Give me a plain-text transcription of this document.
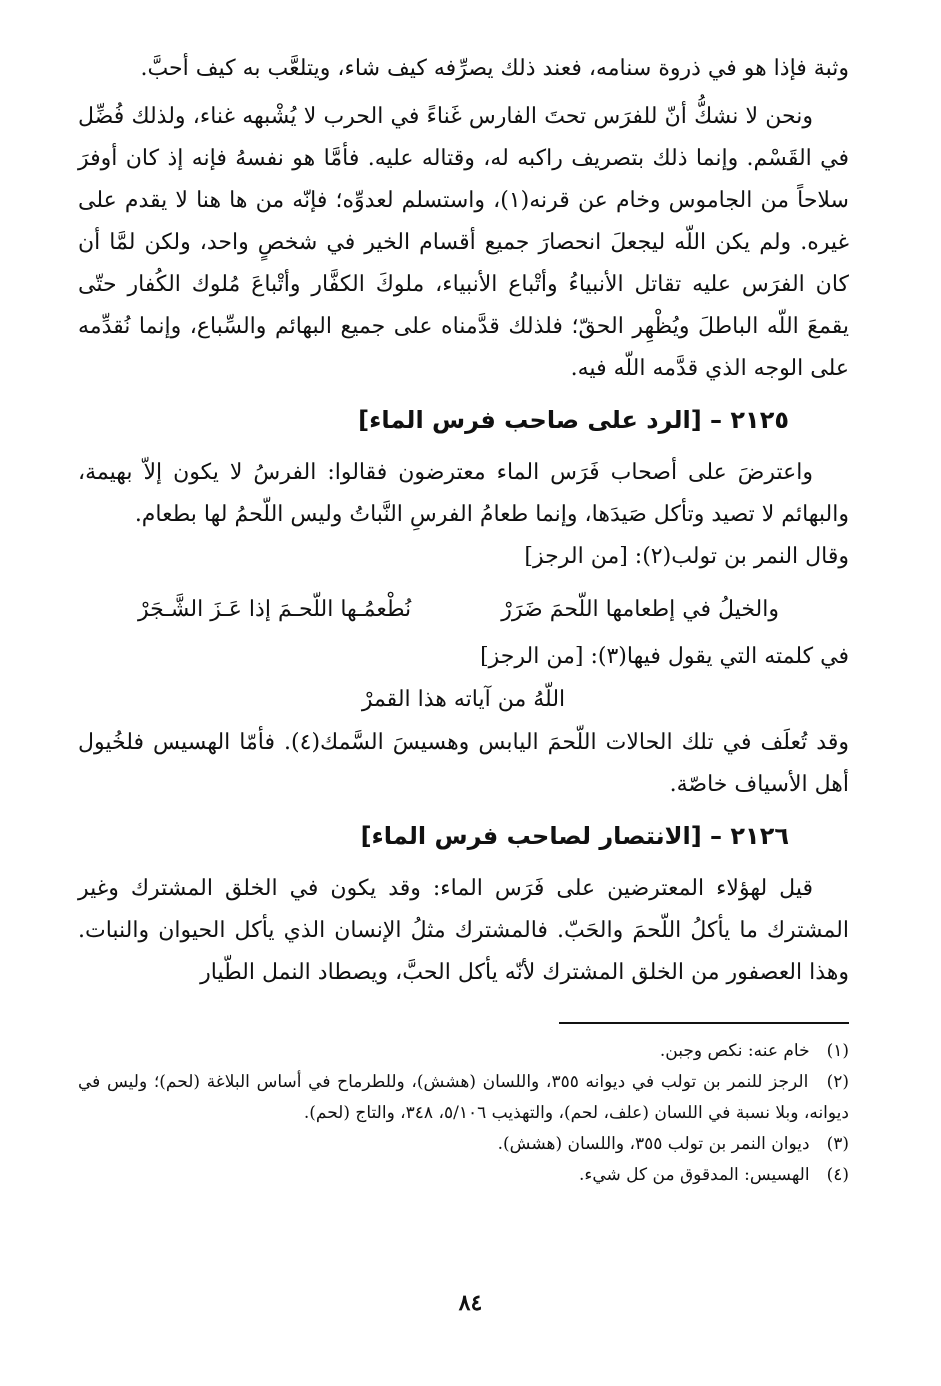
وثبة فإذا هو في ذروة سنامه، فعند ذلك يصرِّفه كيف شاء، ويتلعَّب به كيف أحبَّ.

ونحن لا نشكُّ أنّ للفرَس تحتَ الفارس غَناءً في الحرب لا يُشْبهه غناء، ولذلك فُضِّل في القَسْم. وإنما ذلك بتصريف راكبه له، وقتاله عليه. فأمَّا هو نفسهُ فإنه إذ كان أوفرَ سلاحاً من الجاموس وخام عن قرنه(١)، واستسلم لعدوِّه؛ فإنّه من ها هنا لا يقدم على غيره. ولم يكن اللّه ليجعلَ انحصارَ جميع أقسام الخير في شخصٍ واحد، ولكن لمَّا أن كان الفرَس عليه تقاتل الأنبياءُ وأتْباع الأنبياء، ملوكَ الكفَّار وأتْباعَ مُلوك الكُفار حتّى يقمعَ اللّه الباطلَ ويُظْهِر الحقّ؛ فلذلك قدَّمناه على جميع البهائم والسِّباع، وإنما نُقدِّمه على الوجه الذي قدَّمه اللّه فيه.

٢١٢٥ – [الرد على صاحب فرس الماء]

واعترضَ على أصحاب فَرَس الماء معترضون فقالوا: الفرسُ لا يكون إلاّ بهيمة، والبهائم لا تصيد وتأكل صَيدَها، وإنما طعامُ الفرسِ النَّباتُ وليس اللّحمُ لها بطعام.

وقال النمر بن تولب(٢): [من الرجز]

والخيلُ في إطعامها اللّحمَ ضَرَرْ
نُطْعمُـها اللّحـمَ إذا عَـزَ الشَّـجَرْ

في كلمته التي يقول فيها(٣): [من الرجز]

اللّهُ من آياته هذا القمرْ

وقد تُعلَف في تلك الحالات اللّحمَ اليابس وهسيسَ السَّمك(٤). فأمّا الهسيس فلخُيول أهل الأسياف خاصّة.

٢١٢٦ – [الانتصار لصاحب فرس الماء]

قيل لهؤلاء المعترضين على فَرَس الماء: وقد يكون في الخلق المشترك وغير المشترك ما يأكلُ اللّحمَ والحَبّ. فالمشترك مثلُ الإنسان الذي يأكل الحيوان والنبات. وهذا العصفور من الخلق المشترك لأنّه يأكل الحبَّ، ويصطاد النمل الطّيار

(١) خام عنه: نكص وجبن.

(٢) الرجز للنمر بن تولب في ديوانه ٣٥٥، واللسان (هشش)، وللطرماح في أساس البلاغة (لحم)؛ وليس في ديوانه، وبلا نسبة في اللسان (علف، لحم)، والتهذيب ٥/١٠٦، ٣٤٨، والتاج (لحم).

(٣) ديوان النمر بن تولب ٣٥٥، واللسان (هشش).

(٤) الهسيس: المدقوق من كل شيء.

٨٤
